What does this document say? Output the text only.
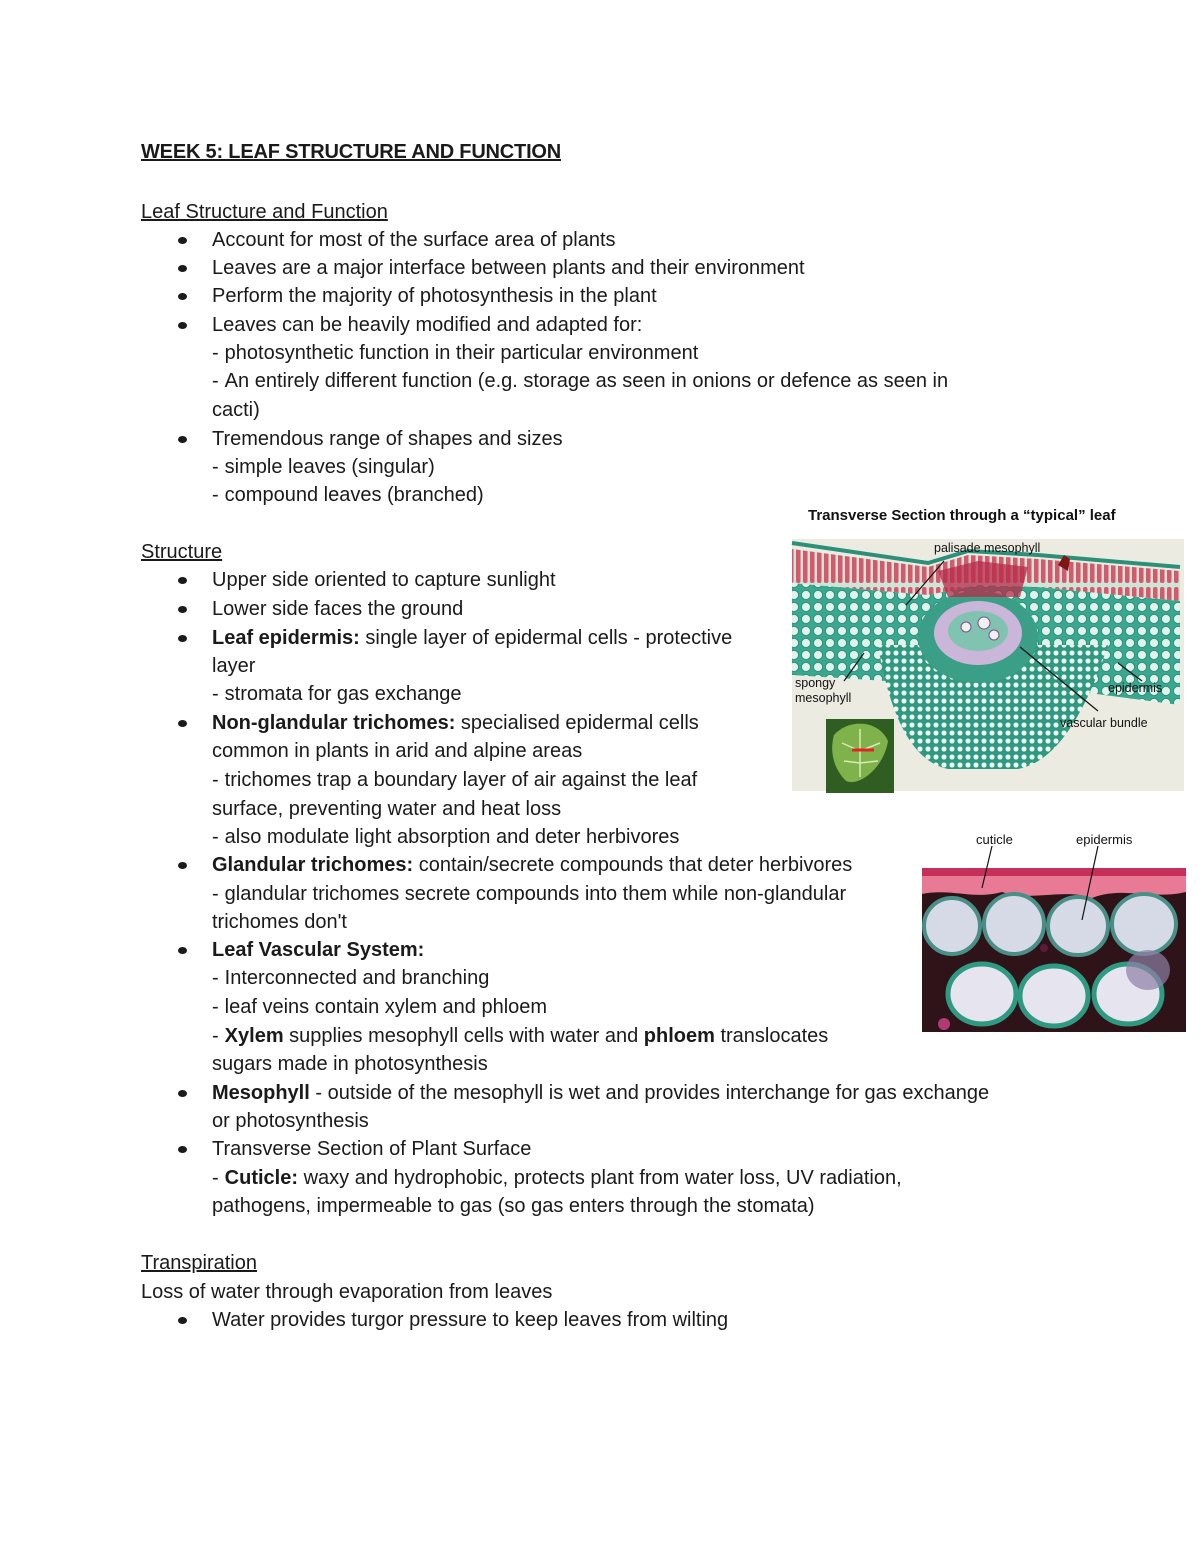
WEEK 5: LEAF STRUCTURE AND FUNCTION
Leaf Structure and Function
Account for most of the surface area of plants
Leaves are a major interface between plants and their environment
Perform the majority of photosynthesis in the plant
Leaves can be heavily modified and adapted for:
- photosynthetic function in their particular environment
- An entirely different function (e.g. storage as seen in onions or defence as seen in
cacti)
Tremendous range of shapes and sizes
- simple leaves (singular)
- compound leaves (branched)
Structure
Upper side oriented to capture sunlight
Lower side faces the ground
Leaf epidermis: single layer of epidermal cells - protective
layer
- stromata for gas exchange
Non-glandular trichomes: specialised epidermal cells
common in plants in arid and alpine areas
- trichomes trap a boundary layer of air against the leaf
surface, preventing water and heat loss
- also modulate light absorption and deter herbivores
Glandular trichomes: contain/secrete compounds that deter herbivores
- glandular trichomes secrete compounds into them while non-glandular
trichomes don't
Leaf Vascular System:
- Interconnected and branching
- leaf veins contain xylem and phloem
- Xylem supplies mesophyll cells with water and phloem translocates
sugars made in photosynthesis
Mesophyll - outside of the mesophyll is wet and provides interchange for gas exchange
or photosynthesis
Transverse Section of Plant Surface
- Cuticle: waxy and hydrophobic, protects plant from water loss, UV radiation,
pathogens, impermeable to gas (so gas enters through the stomata)
Transpiration
Loss of water through evaporation from leaves
Water provides turgor pressure to keep leaves from wilting
Transverse Section through a “typical” leaf
palisade mesophyll
spongy
mesophyll
epidermis
vascular bundle
cuticle	epidermis
